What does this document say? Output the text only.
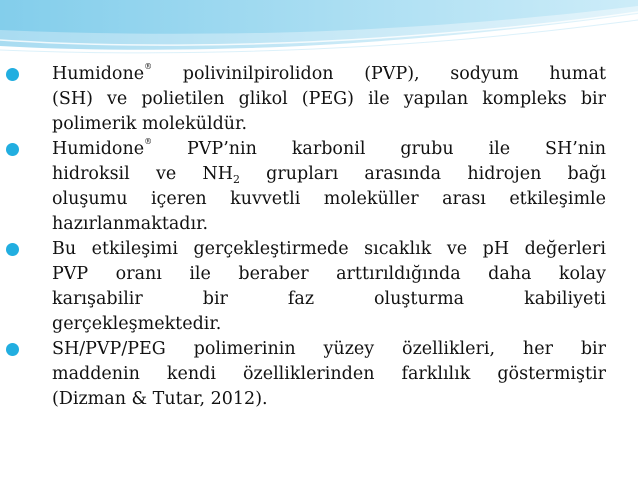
Humidone® polivinilpirolidon (PVP), sodyum humat
(SH) ve polietilen glikol (PEG) ile yapılan kompleks bir
polimerik moleküldür.
Humidone® PVP’nin karbonil grubu ile SH’nin
hidroksil ve $NH_2$ grupları arasında hidrojen bağı
oluşumu içeren kuvvetli moleküller arası etkileşimle
hazırlanmaktadır.
Bu etkileşimi gerçekleştirmede sıcaklık ve pH değerleri
PVP oranı ile beraber arttırıldığında daha kolay
karışabilir bir faz oluşturma kabiliyeti
gerçekleşmektedir.
SH/PVP/PEG polimerinin yüzey özellikleri, her bir
maddenin kendi özelliklerinden farklılık göstermiştir
(Dizman & Tutar, 2012).
